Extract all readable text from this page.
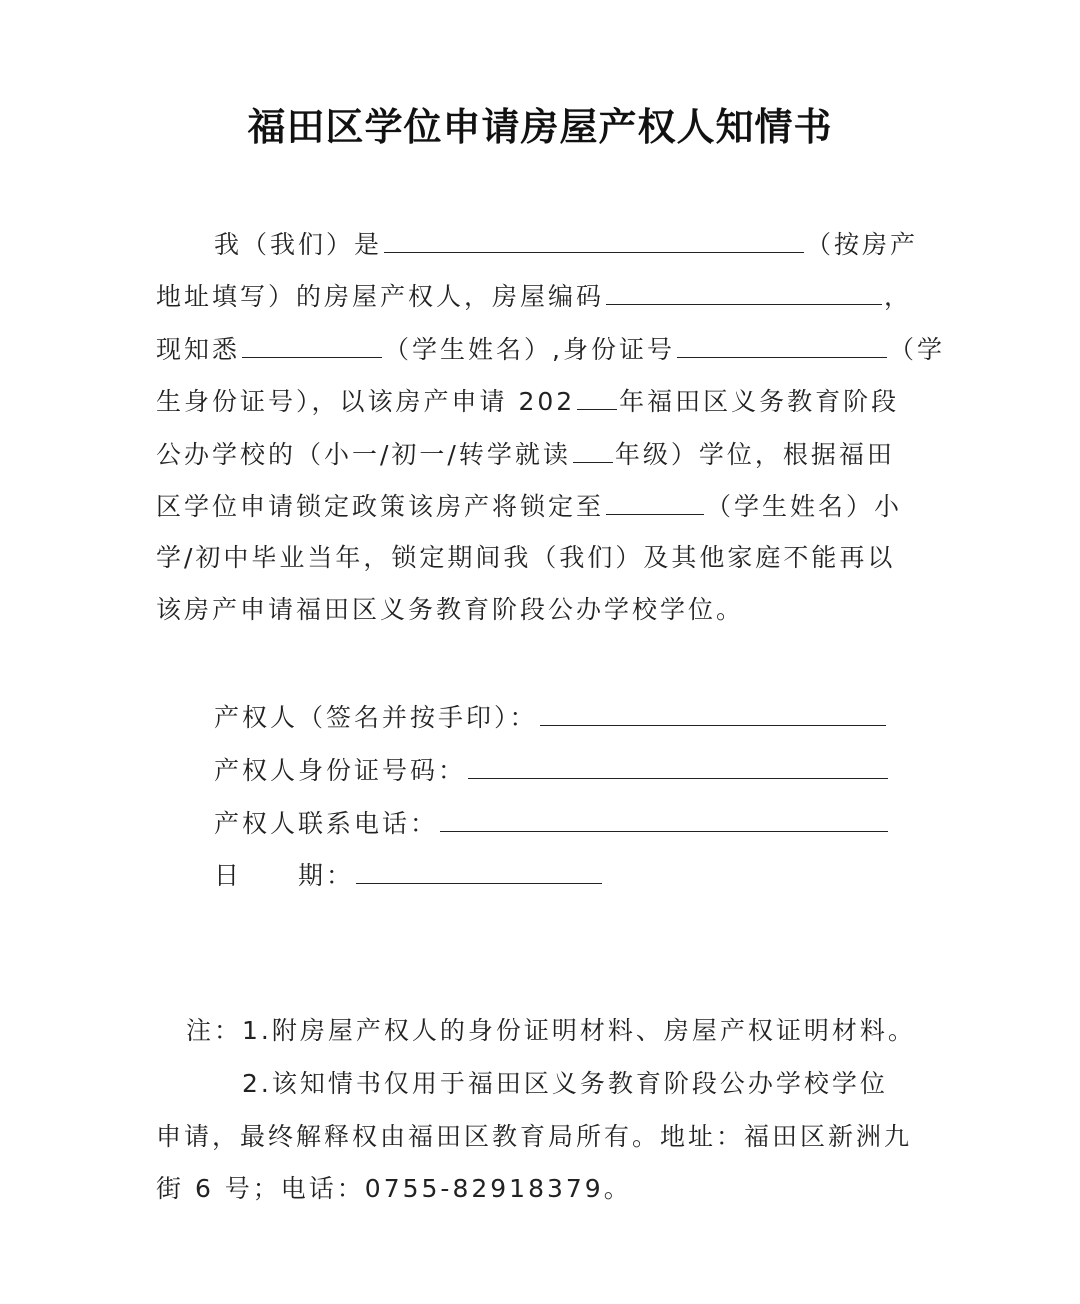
福田区学位申请房屋产权人知情书
我（我们）是	（按房产
地址填写）的房屋产权人，房屋编码	，
现知悉	（学生姓名）,身份证号	（学
生身份证号），以该房产申请 202 年福田区义务教育阶段
公办学校的（小一/初一/转学就读 年级）学位，根据福田
区学位申请锁定政策该房产将锁定至	（学生姓名）小
学/初中毕业当年，锁定期间我（我们）及其他家庭不能再以
该房产申请福田区义务教育阶段公办学校学位。
产权人（签名并按手印）：
产权人身份证号码：
产权人联系电话：
日　　期：
注：1.附房屋产权人的身份证明材料、房屋产权证明材料。
2.该知情书仅用于福田区义务教育阶段公办学校学位
申请，最终解释权由福田区教育局所有。地址：福田区新洲九
街 6 号；电话：0755-82918379。
